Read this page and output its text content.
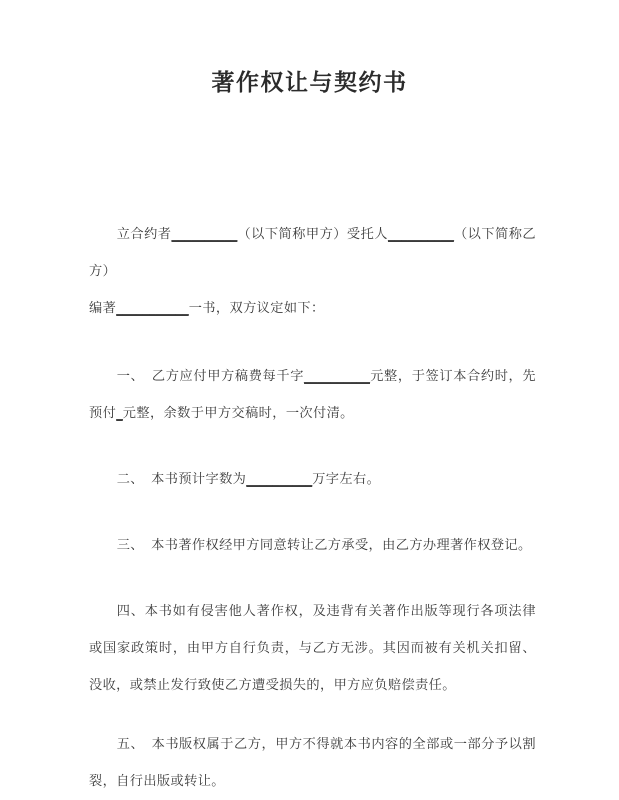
著作权让与契约书

立合约者__________（以下简称甲方）受托人__________（以下简称乙方）
编著___________一书，双方议定如下：

一、 乙方应付甲方稿费每千字__________元整，于签订本合约时，先预付_元整，余数于甲方交稿时，一次付清。

二、 本书预计字数为__________万字左右。

三、 本书著作权经甲方同意转让乙方承受，由乙方办理著作权登记。

四、本书如有侵害他人著作权，及违背有关著作出版等现行各项法律或国家政策时，由甲方自行负责，与乙方无涉。其因而被有关机关扣留、没收，或禁止发行致使乙方遭受损失的，甲方应负赔偿责任。

五、 本书版权属于乙方，甲方不得就本书内容的全部或一部分予以割裂，自行出版或转让。
